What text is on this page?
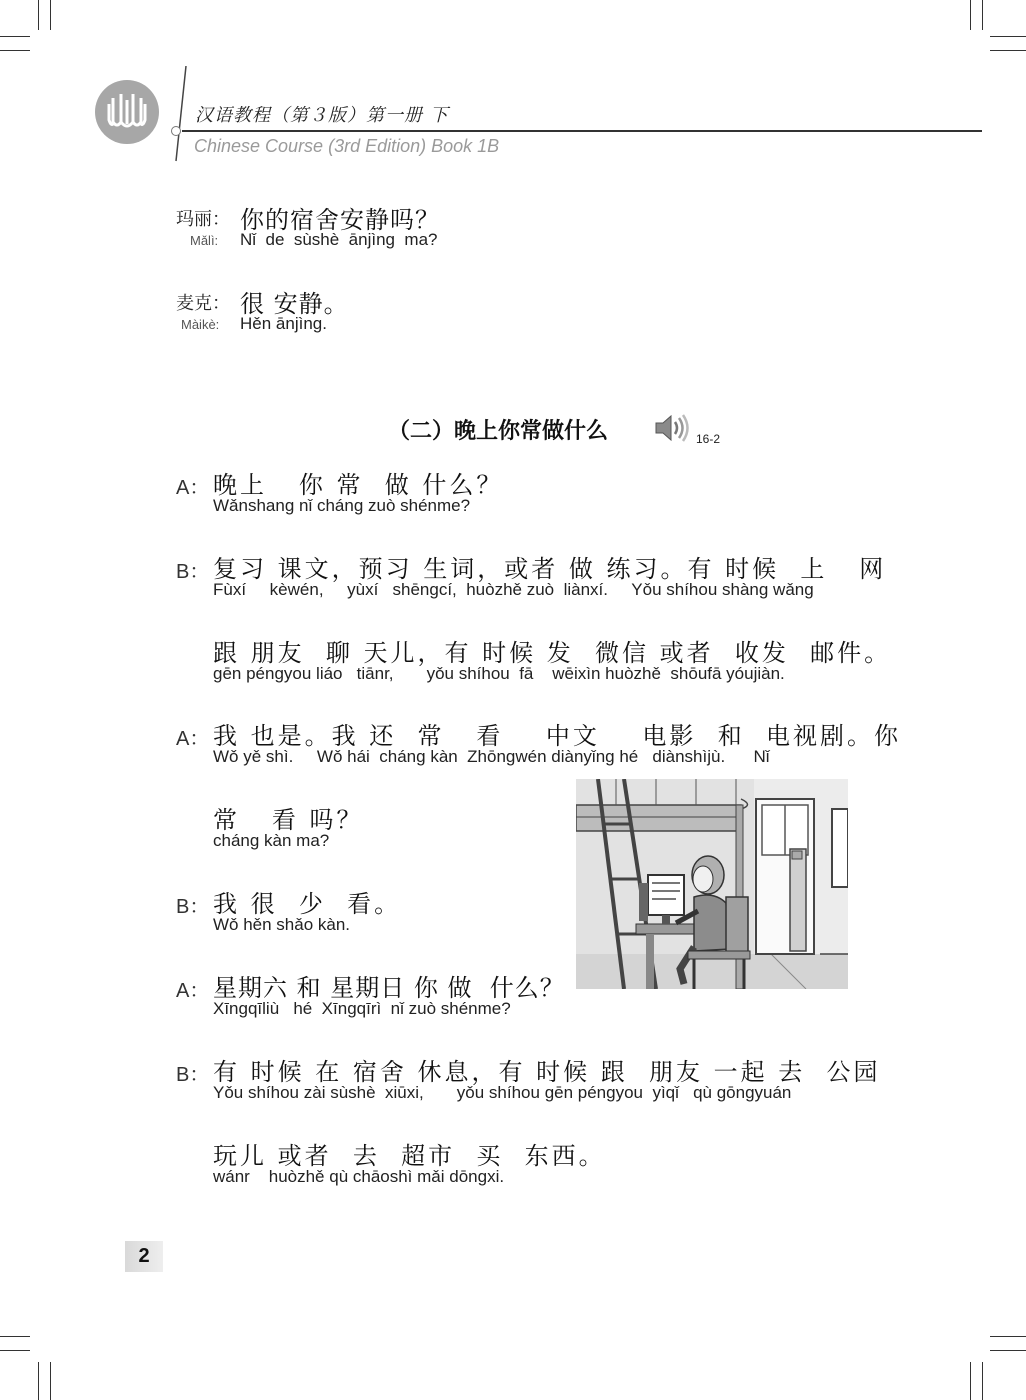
汉语教程（第３版）第一册 下
Chinese Course (3rd Edition) Book 1B
玛丽：
Mǎlì:
你的宿舍安静吗？
Nǐ  de  sùshè  ānjìng  ma?
麦克：
Màikè:
很 安静。
Hěn ānjìng.
（二）晚上你常做什么	16-2
A： 晚上   你 常  做 什么？
Wǎnshang nǐ cháng zuò shénme?
B： 复习 课文，预习 生词，或者 做 练习。有 时候  上   网
Fùxí     kèwén,     yùxí   shēngcí,  huòzhě zuò  liànxí.     Yǒu shíhou shàng wǎng
跟 朋友  聊 天儿，有 时候 发  微信 或者  收发  邮件。
gēn péngyou liáo   tiānr,       yǒu shíhou  fā    wēixìn huòzhě  shōufā yóujiàn.
A： 我 也是。我 还  常   看    中文    电影  和  电视剧。你
Wǒ yě shì.     Wǒ hái  cháng kàn  Zhōngwén diànyǐng hé   diànshìjù.      Nǐ
常   看 吗？
cháng kàn ma?
B： 我 很  少  看。
Wǒ hěn shǎo kàn.
A： 星期六 和 星期日 你 做  什么？
Xīngqīliù   hé  Xīngqīrì  nǐ zuò shénme?
B： 有 时候 在 宿舍 休息，有 时候 跟  朋友 一起 去  公园
Yǒu shíhou zài sùshè  xiūxi,       yǒu shíhou gēn péngyou  yìqǐ   qù gōngyuán
玩儿 或者  去  超市  买  东西。
wánr    huòzhě qù chāoshì mǎi dōngxi.
2
